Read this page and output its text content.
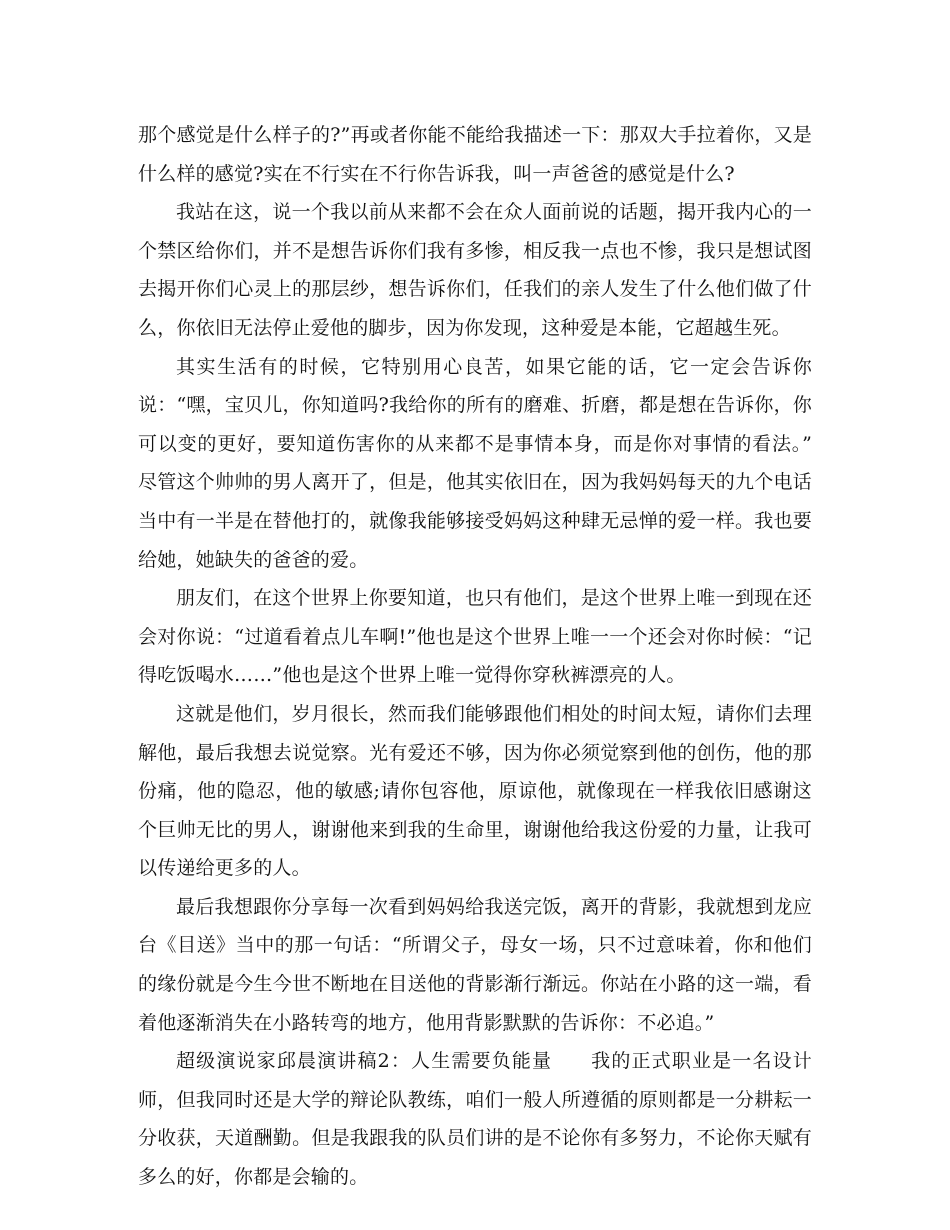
那个感觉是什么样子的?”再或者你能不能给我描述一下：那双大手拉着你，又是什么样的感觉?实在不行实在不行你告诉我，叫一声爸爸的感觉是什么?

我站在这，说一个我以前从来都不会在众人面前说的话题，揭开我内心的一个禁区给你们，并不是想告诉你们我有多惨，相反我一点也不惨，我只是想试图去揭开你们心灵上的那层纱，想告诉你们，任我们的亲人发生了什么他们做了什么，你依旧无法停止爱他的脚步，因为你发现，这种爱是本能，它超越生死。

其实生活有的时候，它特别用心良苦，如果它能的话，它一定会告诉你说：“嘿，宝贝儿，你知道吗?我给你的所有的磨难、折磨，都是想在告诉你，你可以变的更好，要知道伤害你的从来都不是事情本身，而是你对事情的看法。” 尽管这个帅帅的男人离开了，但是，他其实依旧在，因为我妈妈每天的九个电话当中有一半是在替他打的，就像我能够接受妈妈这种肆无忌惮的爱一样。我也要给她，她缺失的爸爸的爱。

朋友们，在这个世界上你要知道，也只有他们，是这个世界上唯一到现在还会对你说：“过道看着点儿车啊!”他也是这个世界上唯一一个还会对你时候：“记得吃饭喝水……”他也是这个世界上唯一觉得你穿秋裤漂亮的人。

这就是他们，岁月很长，然而我们能够跟他们相处的时间太短，请你们去理解他，最后我想去说觉察。光有爱还不够，因为你必须觉察到他的创伤，他的那份痛，他的隐忍，他的敏感;请你包容他，原谅他，就像现在一样我依旧感谢这个巨帅无比的男人，谢谢他来到我的生命里，谢谢他给我这份爱的力量，让我可以传递给更多的人。

最后我想跟你分享每一次看到妈妈给我送完饭，离开的背影，我就想到龙应台《目送》当中的那一句话：“所谓父子，母女一场，只不过意味着，你和他们的缘份就是今生今世不断地在目送他的背影渐行渐远。你站在小路的这一端，看着他逐渐消失在小路转弯的地方，他用背影默默的告诉你：不必追。”

超级演说家邱晨演讲稿2：人生需要负能量 我的正式职业是一名设计师，但我同时还是大学的辩论队教练，咱们一般人所遵循的原则都是一分耕耘一分收获，天道酬勤。但是我跟我的队员们讲的是不论你有多努力，不论你天赋有多么的好，你都是会输的。
